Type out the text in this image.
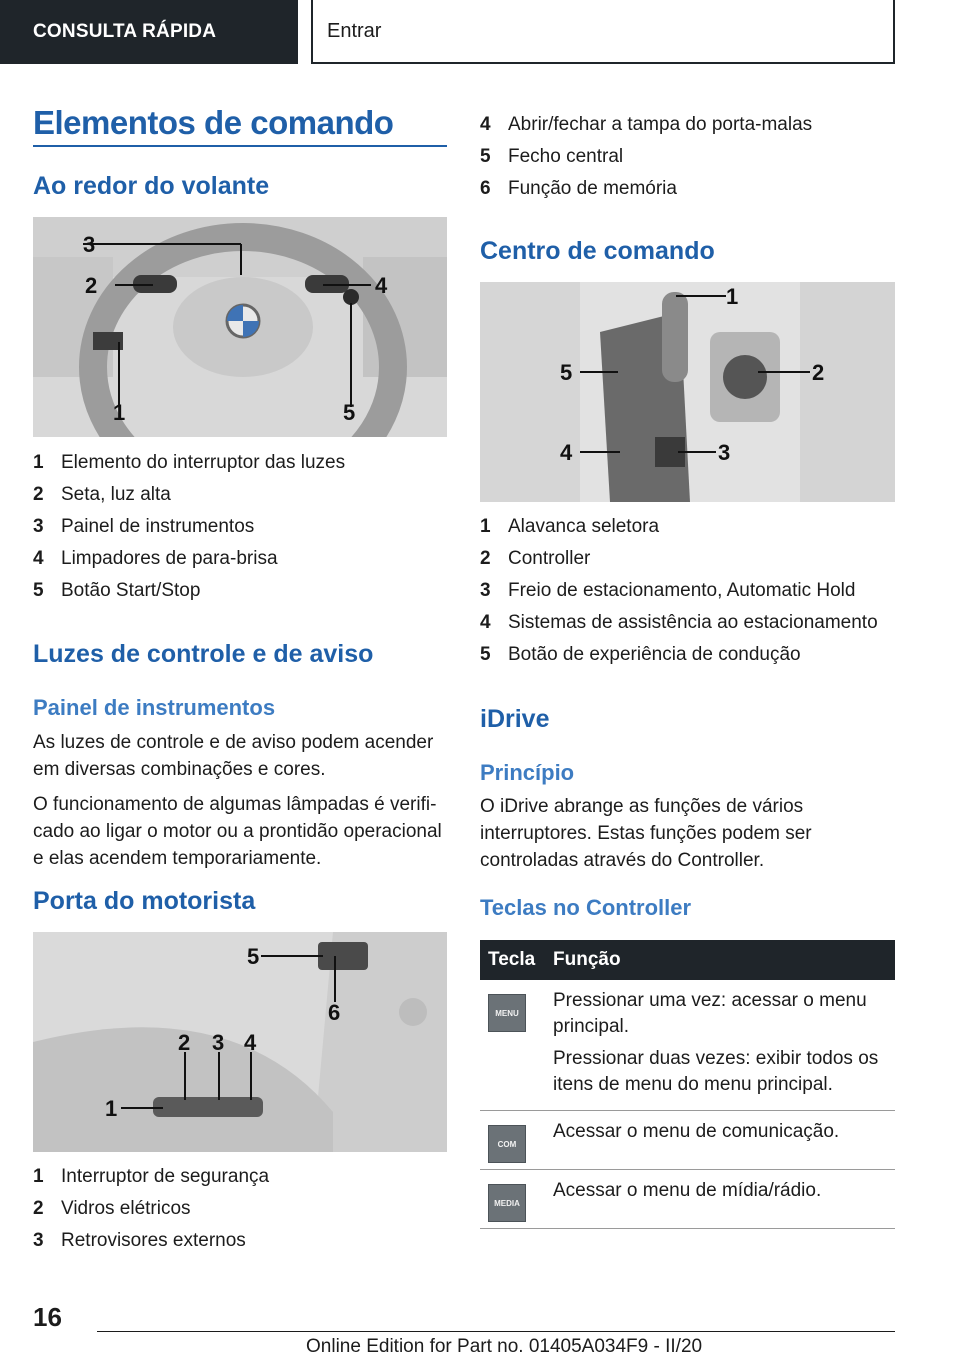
CONSULTA RÁPIDA	Entrar
Elementos de comando
Ao redor do volante
3
2
1
4
5
1 Elemento do interruptor das luzes
2 Seta, luz alta
3 Painel de instrumentos
4 Limpadores de para-brisa
5 Botão Start/Stop
Luzes de controle e de aviso
Painel de instrumentos

As luzes de controle e de aviso podem acender em diversas combinações e cores.

O funcionamento de algumas lâmpadas é verificado ao ligar o motor ou a prontidão operacional e elas acendem temporariamente.

Porta do motorista
5
6
1
2 3 4
1 Interruptor de segurança
2 Vidros elétricos
3 Retrovisores externos
4 Abrir/fechar a tampa do porta-malas
5 Fecho central
6 Função de memória
Centro de comando
1
2
3
4
5
1 Alavanca seletora
2 Controller
3 Freio de estacionamento, Automatic Hold
4 Sistemas de assistência ao estacionamento
5 Botão de experiência de condução
iDrive
Princípio

O iDrive abrange as funções de vários interruptores. Estas funções podem ser controladas através do Controller.

Teclas no Controller
Tecla Função
MENU

Pressionar uma vez: acessar o menu principal.

Pressionar duas vezes: exibir todos os itens de menu do menu principal.

COM

Acessar o menu de comunicação.

MEDIA

Acessar o menu de mídia/rádio.

16
Online Edition for Part no. 01405A034F9 - II/20
